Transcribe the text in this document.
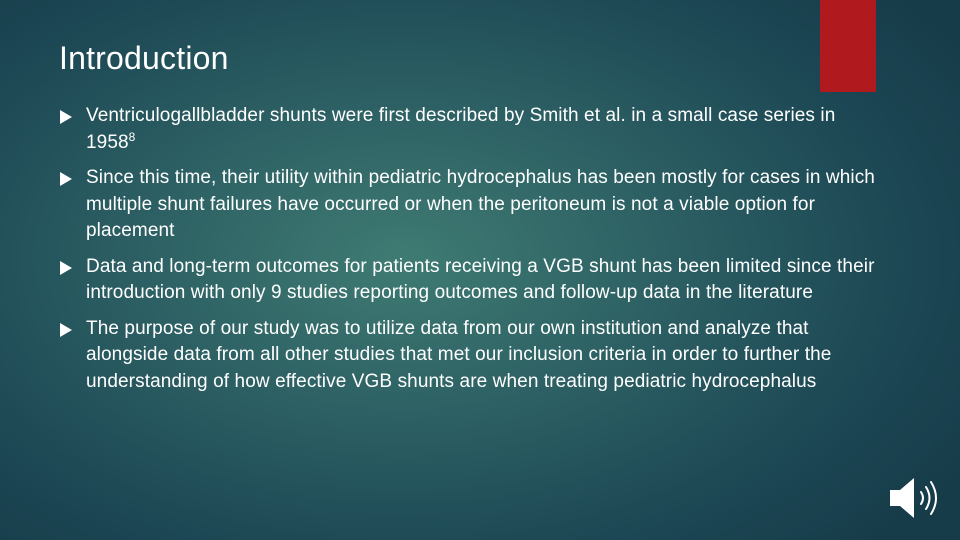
Introduction
Ventriculogallbladder shunts were first described by Smith et al. in a small case series in 1958$^8$
Since this time, their utility within pediatric hydrocephalus has been mostly for cases in which multiple shunt failures have occurred or when the peritoneum is not a viable option for placement
Data and long-term outcomes for patients receiving a VGB shunt has been limited since their introduction with only 9 studies reporting outcomes and follow-up data in the literature
The purpose of our study was to utilize data from our own institution and analyze that alongside data from all other studies that met our inclusion criteria in order to further the understanding of how effective VGB shunts are when treating pediatric hydrocephalus
